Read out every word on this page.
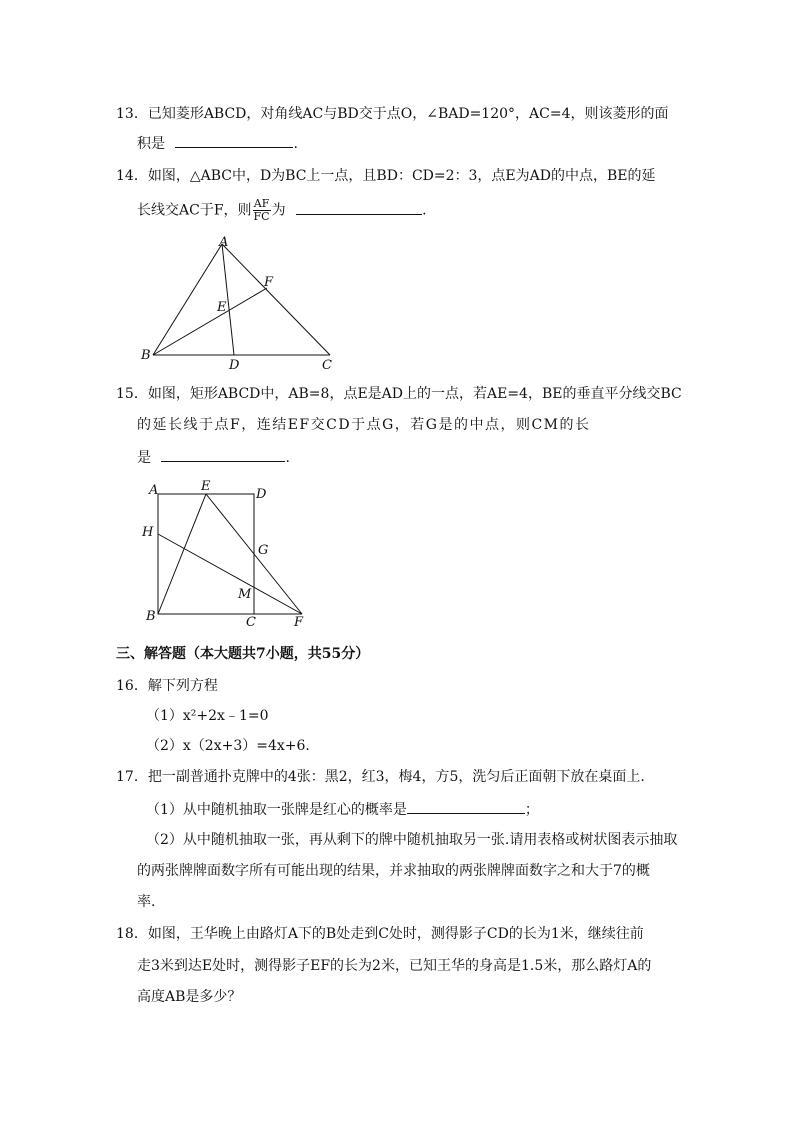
13．已知菱形ABCD，对角线AC与BD交于点O，∠BAD=120°，AC=4，则该菱形的面
积是	.
14．如图，△ABC中，D为BC上一点，且BD：CD=2：3，点E为AD的中点，BE的延
长线交AC于F，则 $\frac{AF}{FC}$ 为	.
A
B
C
D
E
F
15．如图，矩形ABCD中，AB=8，点E是AD上的一点，若AE=4，BE的垂直平分线交BC
的延长线于点F，连结EF交CD于点G，若G是的中点，则CM的长
是	.
A	E
D
H
G
M
B	C	F
三、解答题（本大题共7小题，共55分）
16．解下列方程
（1）x²+2x﹣1=0
（2）x（2x+3）=4x+6.
17．把一副普通扑克牌中的4张：黑2，红3，梅4，方5，洗匀后正面朝下放在桌面上.
（1）从中随机抽取一张牌是红心的概率是	；
（2）从中随机抽取一张，再从剩下的牌中随机抽取另一张.请用表格或树状图表示抽取
的两张牌牌面数字所有可能出现的结果，并求抽取的两张牌牌面数字之和大于7的概
率.
18．如图，王华晚上由路灯A下的B处走到C处时，测得影子CD的长为1米，继续往前
走3米到达E处时，测得影子EF的长为2米，已知王华的身高是1.5米，那么路灯A的
高度AB是多少？
